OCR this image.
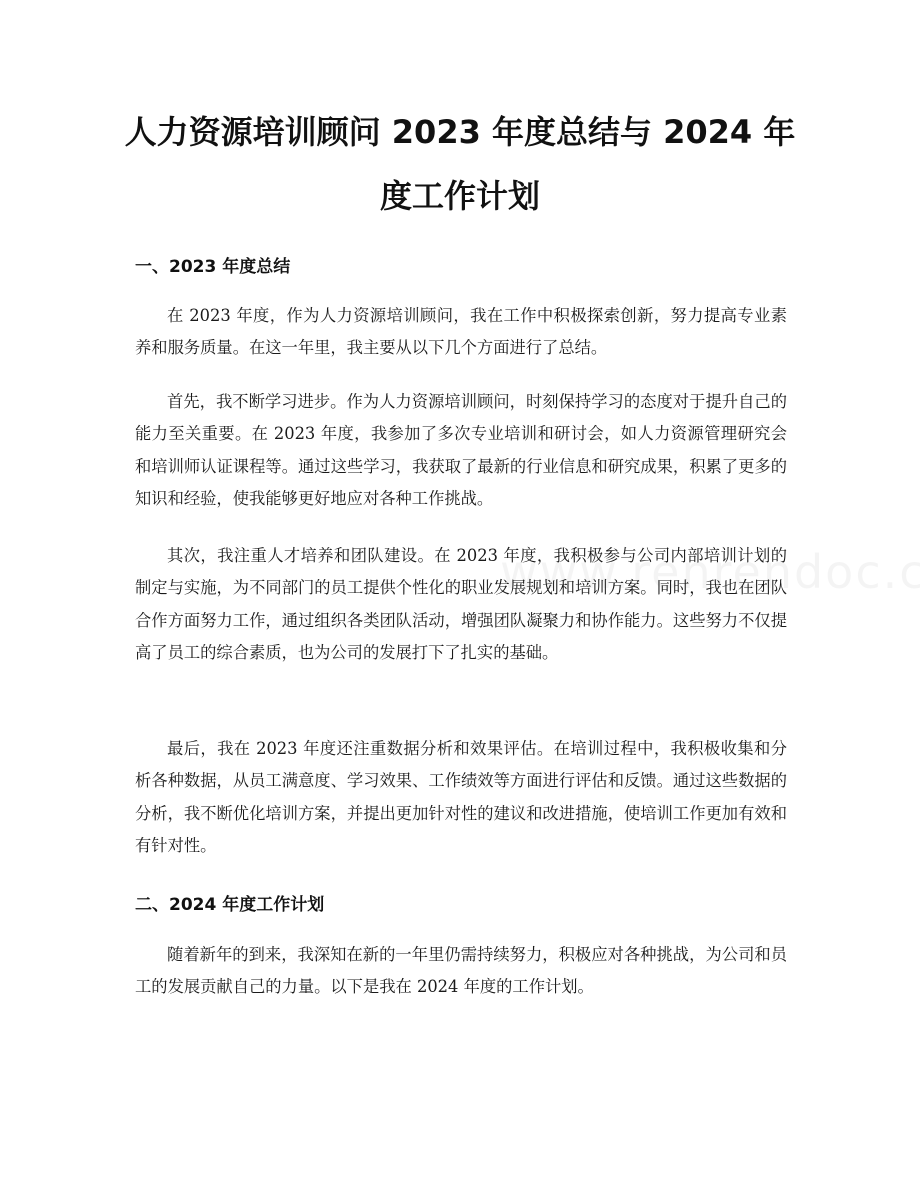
人力资源培训顾问 2023 年度总结与 2024 年度工作计划
一、2023 年度总结

在 2023 年度，作为人力资源培训顾问，我在工作中积极探索创新，努力提高专业素养和服务质量。在这一年里，我主要从以下几个方面进行了总结。

首先，我不断学习进步。作为人力资源培训顾问，时刻保持学习的态度对于提升自己的能力至关重要。在 2023 年度，我参加了多次专业培训和研讨会，如人力资源管理研究会和培训师认证课程等。通过这些学习，我获取了最新的行业信息和研究成果，积累了更多的知识和经验，使我能够更好地应对各种工作挑战。

其次，我注重人才培养和团队建设。在 2023 年度，我积极参与公司内部培训计划的制定与实施，为不同部门的员工提供个性化的职业发展规划和培训方案。同时，我也在团队合作方面努力工作，通过组织各类团队活动，增强团队凝聚力和协作能力。这些努力不仅提高了员工的综合素质，也为公司的发展打下了扎实的基础。

最后，我在 2023 年度还注重数据分析和效果评估。在培训过程中，我积极收集和分析各种数据，从员工满意度、学习效果、工作绩效等方面进行评估和反馈。通过这些数据的分析，我不断优化培训方案，并提出更加针对性的建议和改进措施，使培训工作更加有效和有针对性。

二、2024 年度工作计划

随着新年的到来，我深知在新的一年里仍需持续努力，积极应对各种挑战，为公司和员工的发展贡献自己的力量。以下是我在 2024 年度的工作计划。
